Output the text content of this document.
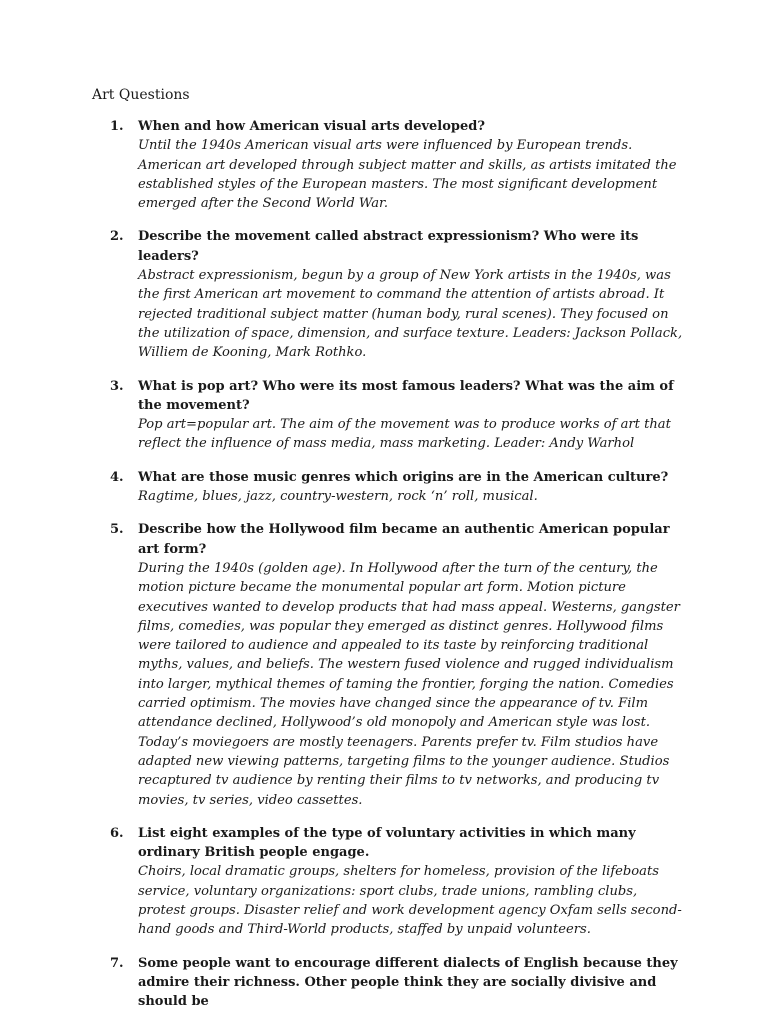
Art Questions
1. When and how American visual arts developed?
Until the 1940s American visual arts were influenced by European trends. American art developed through subject matter and skills, as artists imitated the established styles of the European masters. The most significant development emerged after the Second World War.
2. Describe the movement called abstract expressionism? Who were its leaders?
Abstract expressionism, begun by a group of New York artists in the 1940s, was the first American art movement to command the attention of artists abroad. It rejected traditional subject matter (human body, rural scenes). They focused on the utilization of space, dimension, and surface texture. Leaders: Jackson Pollack, Williem de Kooning, Mark Rothko.
3. What is pop art? Who were its most famous leaders? What was the aim of the movement?
Pop art=popular art. The aim of the movement was to produce works of art that reflect the influence of mass media, mass marketing. Leader: Andy Warhol
4. What are those music genres which origins are in the American culture?
Ragtime, blues, jazz, country-western, rock ‘n’ roll, musical.
5. Describe how the Hollywood film became an authentic American popular art form?
During the 1940s (golden age). In Hollywood after the turn of the century, the motion picture became the monumental popular art form. Motion picture executives wanted to develop products that had mass appeal. Westerns, gangster films, comedies, was popular they emerged as distinct genres. Hollywood films were tailored to audience and appealed to its taste by reinforcing traditional myths, values, and beliefs. The western fused violence and rugged individualism into larger, mythical themes of taming the frontier, forging the nation. Comedies carried optimism. The movies have changed since the appearance of tv. Film attendance declined, Hollywood’s old monopoly and American style was lost. Today’s moviegoers are mostly teenagers. Parents prefer tv. Film studios have adapted new viewing patterns, targeting films to the younger audience. Studios recaptured tv audience by renting their films to tv networks, and producing tv movies, tv series, video cassettes.
6. List eight examples of the type of voluntary activities in which many ordinary British people engage.
Choirs, local dramatic groups, shelters for homeless, provision of the lifeboats service, voluntary organizations: sport clubs, trade unions, rambling clubs, protest groups. Disaster relief and work development agency Oxfam sells second-hand goods and Third-World products, staffed by unpaid volunteers.
7. Some people want to encourage different dialects of English because they admire their richness. Other people think they are socially divisive and should be
